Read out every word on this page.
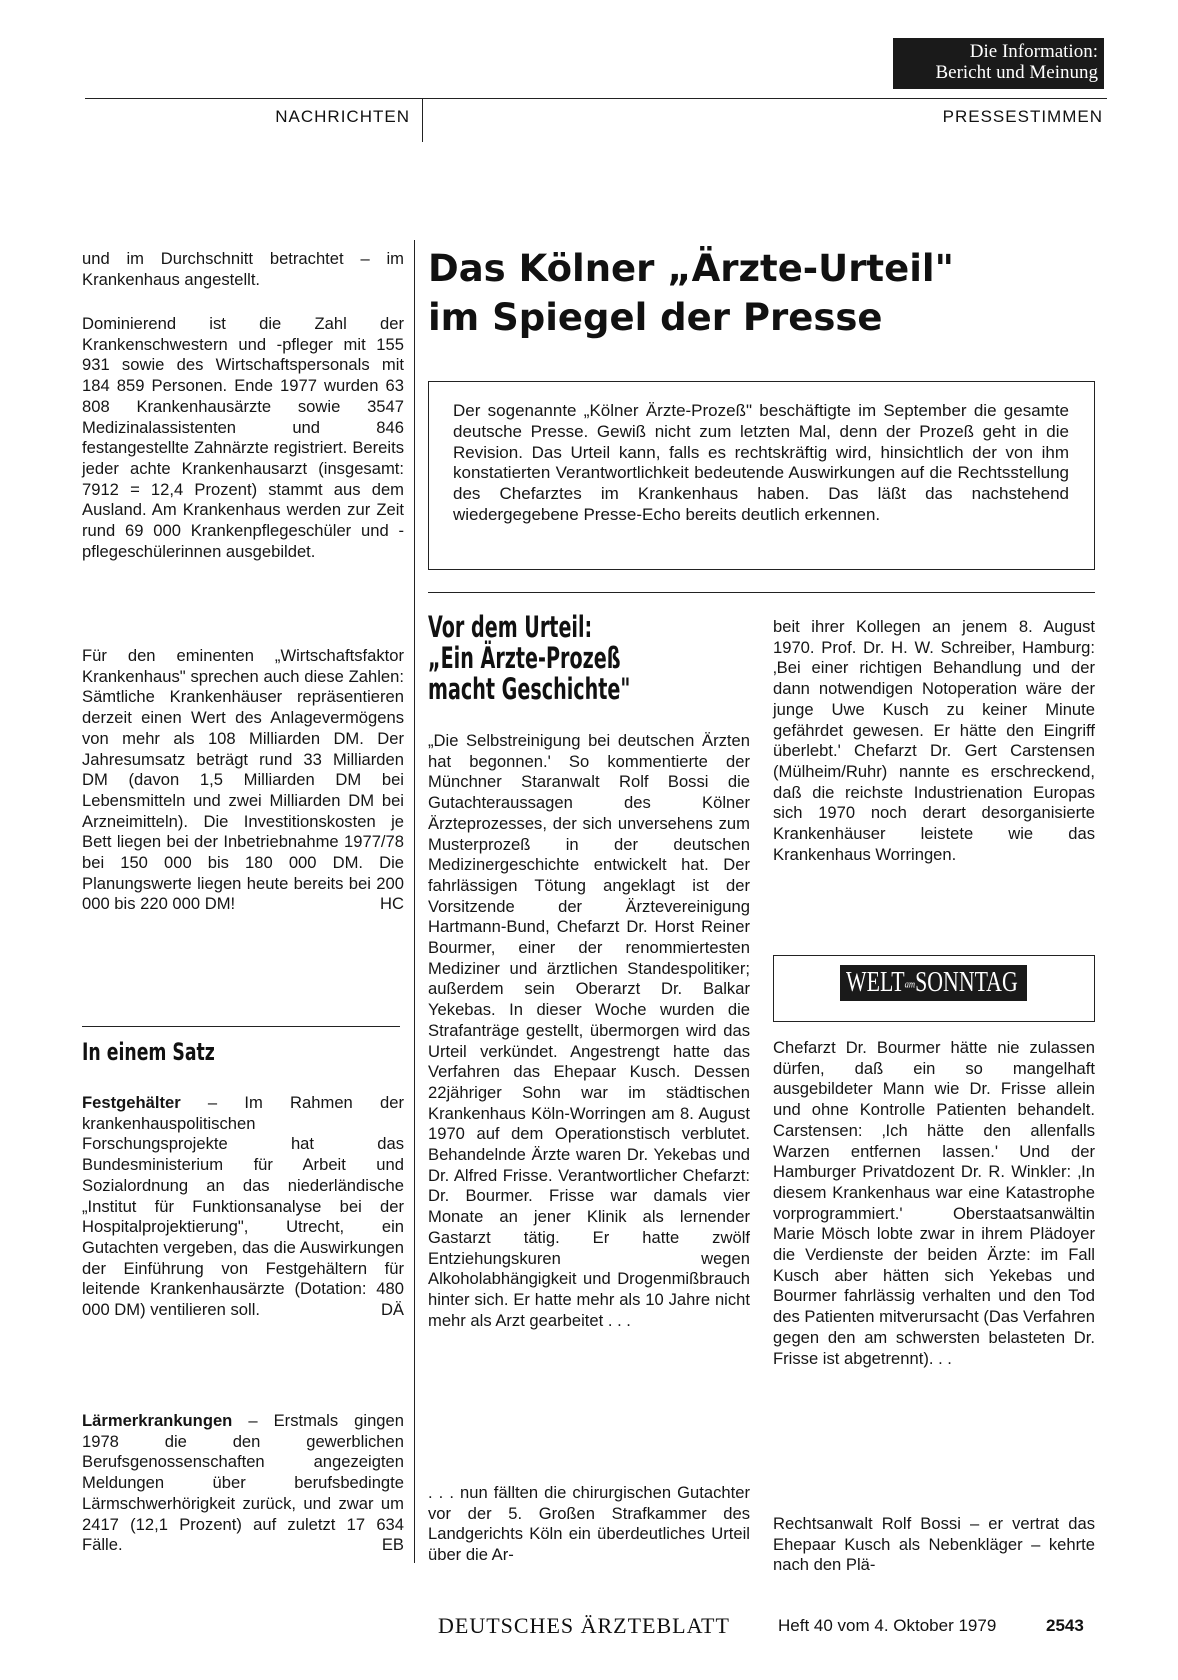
Die Information:
Bericht und Meinung
NACHRICHTEN	PRESSESTIMMEN
und im Durchschnitt betrachtet – im Krankenhaus angestellt.
Dominierend ist die Zahl der Krankenschwestern und -pfleger mit 155 931 sowie des Wirtschaftspersonals mit 184 859 Personen. Ende 1977 wurden 63 808 Krankenhausärzte sowie 3547 Medizinalassistenten und 846 festangestellte Zahnärzte registriert. Bereits jeder achte Krankenhausarzt (insgesamt: 7912 = 12,4 Prozent) stammt aus dem Ausland. Am Krankenhaus werden zur Zeit rund 69 000 Krankenpflegeschüler und -pflegeschülerinnen ausgebildet.
Für den eminenten „Wirtschaftsfaktor Krankenhaus" sprechen auch diese Zahlen: Sämtliche Krankenhäuser repräsentieren derzeit einen Wert des Anlagevermögens von mehr als 108 Milliarden DM. Der Jahresumsatz beträgt rund 33 Milliarden DM (davon 1,5 Milliarden DM bei Lebensmitteln und zwei Milliarden DM bei Arzneimitteln). Die Investitionskosten je Bett liegen bei der Inbetriebnahme 1977/78 bei 150 000 bis 180 000 DM. Die Planungswerte liegen heute bereits bei 200 000 bis 220 000 DM!	HC
In einem Satz
Festgehälter – Im Rahmen der krankenhauspolitischen Forschungsprojekte hat das Bundesministerium für Arbeit und Sozialordnung an das niederländische „Institut für Funktionsanalyse bei der Hospitalprojektierung", Utrecht, ein Gutachten vergeben, das die Auswirkungen der Einführung von Festgehältern für leitende Krankenhausärzte (Dotation: 480 000 DM) ventilieren soll.	DÄ
Lärmerkrankungen – Erstmals gingen 1978 die den gewerblichen Berufsgenossenschaften angezeigten Meldungen über berufsbedingte Lärmschwerhörigkeit zurück, und zwar um 2417 (12,1 Prozent) auf zuletzt 17 634 Fälle.	EB
Das Kölner „Ärzte-Urteil"
im Spiegel der Presse
Der sogenannte „Kölner Ärzte-Prozeß" beschäftigte im September die gesamte deutsche Presse. Gewiß nicht zum letzten Mal, denn der Prozeß geht in die Revision. Das Urteil kann, falls es rechtskräftig wird, hinsichtlich der von ihm konstatierten Verantwortlichkeit bedeutende Auswirkungen auf die Rechtsstellung des Chefarztes im Krankenhaus haben. Das läßt das nachstehend wiedergegebene Presse-Echo bereits deutlich erkennen.
Vor dem Urteil:
„Ein Ärzte-Prozeß
macht Geschichte"
„Die Selbstreinigung bei deutschen Ärzten hat begonnen.' So kommentierte der Münchner Staranwalt Rolf Bossi die Gutachteraussagen des Kölner Ärzteprozesses, der sich unversehens zum Musterprozeß in der deutschen Medizinergeschichte entwickelt hat. Der fahrlässigen Tötung angeklagt ist der Vorsitzende der Ärztevereinigung Hartmann-Bund, Chefarzt Dr. Horst Reiner Bourmer, einer der renommiertesten Mediziner und ärztlichen Standespolitiker; außerdem sein Oberarzt Dr. Balkar Yekebas. In dieser Woche wurden die Strafanträge gestellt, übermorgen wird das Urteil verkündet. Angestrengt hatte das Verfahren das Ehepaar Kusch. Dessen 22jähriger Sohn war im städtischen Krankenhaus Köln-Worringen am 8. August 1970 auf dem Operationstisch verblutet. Behandelnde Ärzte waren Dr. Yekebas und Dr. Alfred Frisse. Verantwortlicher Chefarzt: Dr. Bourmer. Frisse war damals vier Monate an jener Klinik als lernender Gastarzt tätig. Er hatte zwölf Entziehungskuren wegen Alkoholabhängigkeit und Drogenmißbrauch hinter sich. Er hatte mehr als 10 Jahre nicht mehr als Arzt gearbeitet . . .
. . . nun fällten die chirurgischen Gutachter vor der 5. Großen Strafkammer des Landgerichts Köln ein überdeutliches Urteil über die Ar-
beit ihrer Kollegen an jenem 8. August 1970. Prof. Dr. H. W. Schreiber, Hamburg: ‚Bei einer richtigen Behandlung und der dann notwendigen Notoperation wäre der junge Uwe Kusch zu keiner Minute gefährdet gewesen. Er hätte den Eingriff überlebt.' Chefarzt Dr. Gert Carstensen (Mülheim/Ruhr) nannte es erschreckend, daß die reichste Industrienation Europas sich 1970 noch derart desorganisierte Krankenhäuser leistete wie das Krankenhaus Worringen.
WELTamSONNTAG
Chefarzt Dr. Bourmer hätte nie zulassen dürfen, daß ein so mangelhaft ausgebildeter Mann wie Dr. Frisse allein und ohne Kontrolle Patienten behandelt. Carstensen: ‚Ich hätte den allenfalls Warzen entfernen lassen.' Und der Hamburger Privatdozent Dr. R. Winkler: ‚In diesem Krankenhaus war eine Katastrophe vorprogrammiert.' Oberstaatsanwältin Marie Mösch lobte zwar in ihrem Plädoyer die Verdienste der beiden Ärzte: im Fall Kusch aber hätten sich Yekebas und Bourmer fahrlässig verhalten und den Tod des Patienten mitverursacht (Das Verfahren gegen den am schwersten belasteten Dr. Frisse ist abgetrennt). . .
Rechtsanwalt Rolf Bossi – er vertrat das Ehepaar Kusch als Nebenkläger – kehrte nach den Plä-
DEUTSCHES ÄRZTEBLATT	Heft 40 vom 4. Oktober 1979	2543
